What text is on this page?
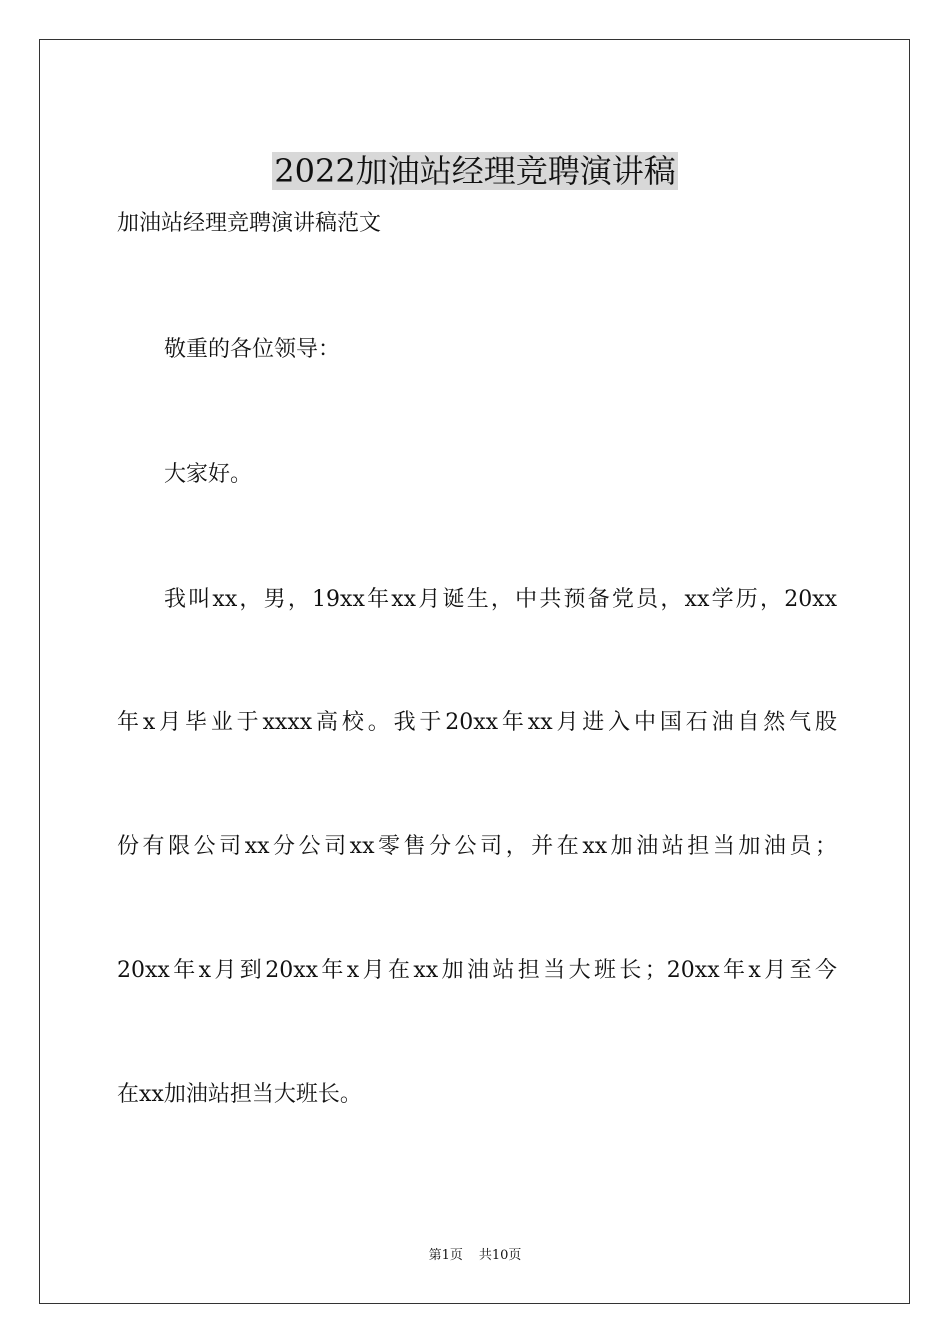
2022加油站经理竞聘演讲稿
加油站经理竞聘演讲稿范文
敬重的各位领导：
大家好。
我叫xx，男，19xx年xx月诞生，中共预备党员，xx学历，20xx
年x月毕业于xxxx高校。我于20xx年xx月进入中国石油自然气股
份有限公司xx分公司xx零售分公司，并在xx加油站担当加油员；
20xx年x月到20xx年x月在xx加油站担当大班长；20xx年x月至今
在xx加油站担当大班长。
第1页 共10页
